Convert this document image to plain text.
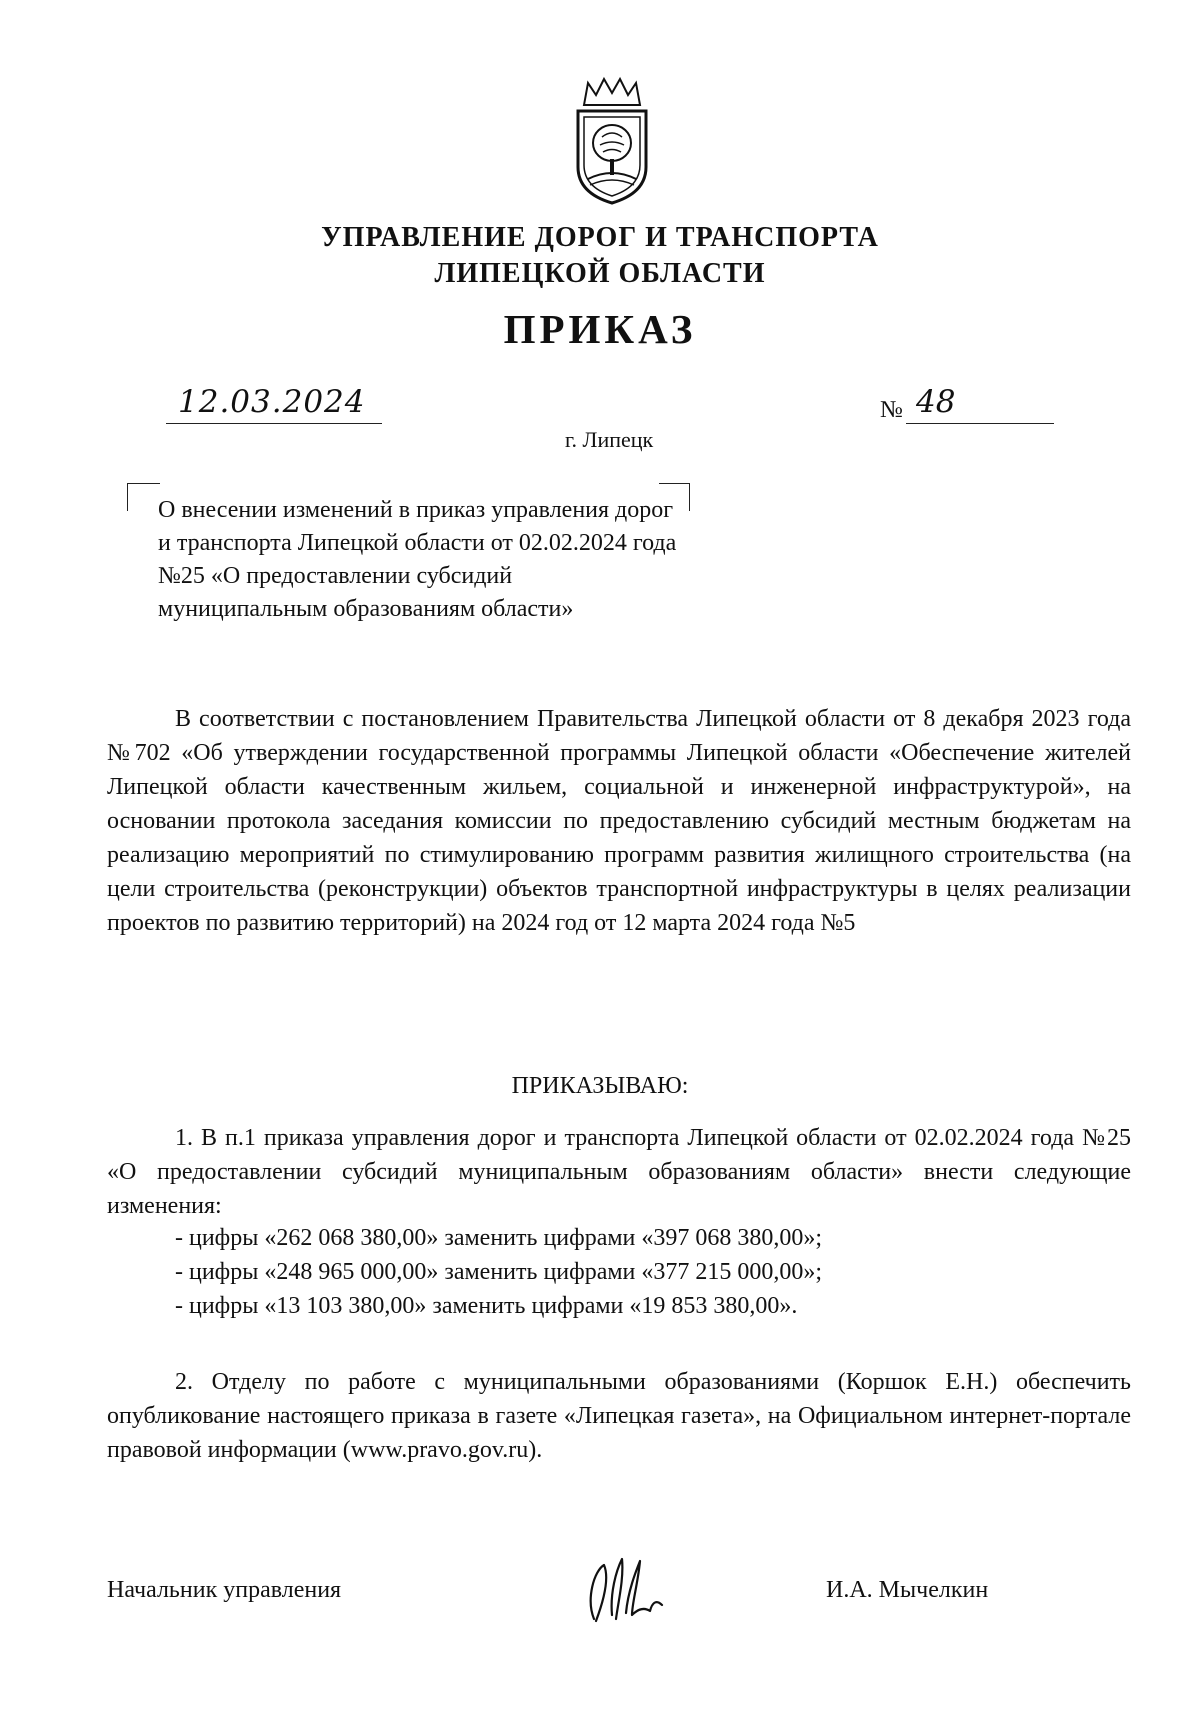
УПРАВЛЕНИЕ ДОРОГ И ТРАНСПОРТА
ЛИПЕЦКОЙ ОБЛАСТИ
ПРИКАЗ
12.03.2024	№ 48
г. Липецк
О внесении изменений в приказ управления дорог и транспорта Липецкой области от 02.02.2024 года №25 «О предоставлении субсидий муниципальным образованиям области»
В соответствии с постановлением Правительства Липецкой области от 8 декабря 2023 года №702 «Об утверждении государственной программы Липецкой области «Обеспечение жителей Липецкой области качественным жильем, социальной и инженерной инфраструктурой», на основании протокола заседания комиссии по предоставлению субсидий местным бюджетам на реализацию мероприятий по стимулированию программ развития жилищного строительства (на цели строительства (реконструкции) объектов транспортной инфраструктуры в целях реализации проектов по развитию территорий) на 2024 год от 12 марта 2024 года №5
ПРИКАЗЫВАЮ:
1. В п.1 приказа управления дорог и транспорта Липецкой области от 02.02.2024 года №25 «О предоставлении субсидий муниципальным образованиям области» внести следующие изменения:
- цифры «262 068 380,00» заменить цифрами «397 068 380,00»;
- цифры «248 965 000,00» заменить цифрами «377 215 000,00»;
- цифры «13 103 380,00» заменить цифрами «19 853 380,00».
2. Отделу по работе с муниципальными образованиями (Коршок Е.Н.) обеспечить опубликование настоящего приказа в газете «Липецкая газета», на Официальном интернет-портале правовой информации (www.pravo.gov.ru).
Начальник управления	И.А. Мычелкин
